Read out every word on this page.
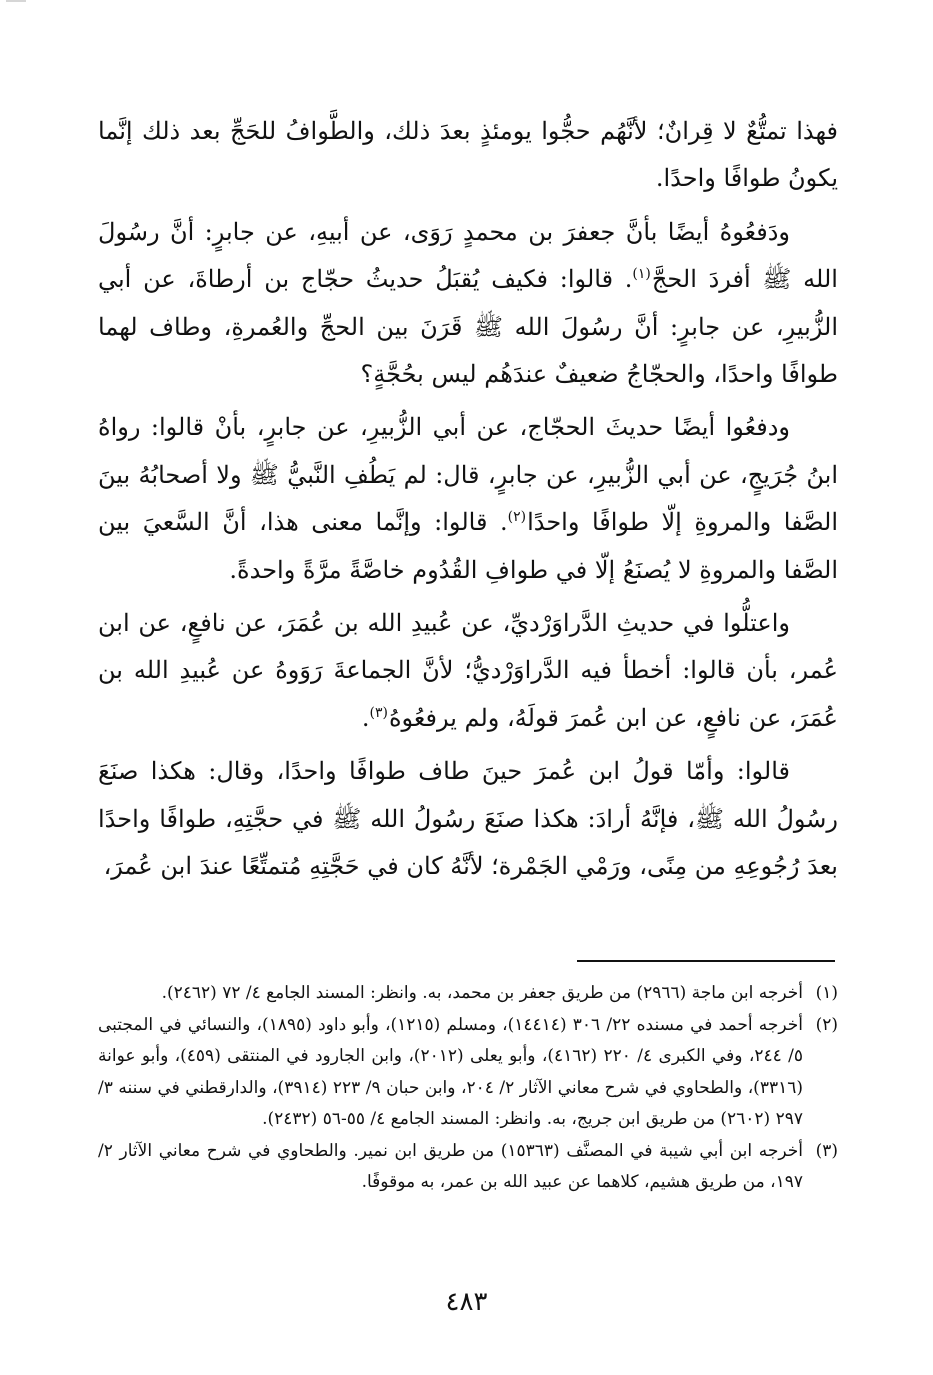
فهذا تمتُّعٌ لا قِرانٌ؛ لأنَّهُم حجُّوا يومئذٍ بعدَ ذلك، والطَّوافُ للحَجِّ بعد ذلك إنَّما يكونُ طوافًا واحدًا.

ودَفعُوهُ أيضًا بأنَّ جعفرَ بن محمدٍ رَوَى، عن أبيهِ، عن جابرٍ: أنَّ رسُولَ الله ﷺ أفردَ الحجَّ$^{(١)}$. قالوا: فكيف يُقبَلُ حديثُ حجّاج بن أرطاةَ، عن أبي الزُّبيرِ، عن جابرٍ: أنَّ رسُولَ الله ﷺ قَرَنَ بين الحجِّ والعُمرةِ، وطاف لهما طوافًا واحدًا، والحجّاجُ ضعيفٌ عندَهُم ليس بحُجَّةٍ؟

ودفعُوا أيضًا حديثَ الحجّاج، عن أبي الزُّبيرِ، عن جابرٍ، بأنْ قالوا: رواهُ ابنُ جُرَيجٍ، عن أبي الزُّبيرِ، عن جابرٍ، قال: لم يَطُفِ النَّبيُّ ﷺ ولا أصحابُهُ بينَ الصَّفا والمروةِ إلّا طوافًا واحدًا$^{(٢)}$. قالوا: وإنَّما معنى هذا، أنَّ السَّعيَ بين الصَّفا والمروةِ لا يُصنَعُ إلّا في طوافِ القُدُوم خاصَّةً مرَّةً واحدةً.

واعتلُّوا في حديثِ الدَّراوَرْديِّ، عن عُبيدِ الله بن عُمَرَ، عن نافعٍ، عن ابن عُمر، بأن قالوا: أخطأ فيه الدَّراوَرْديُّ؛ لأنَّ الجماعةَ رَوَوهُ عن عُبيدِ الله بن عُمَرَ، عن نافعٍ، عن ابن عُمرَ قولَهُ، ولم يرفعُوهُ$^{(٣)}$.

قالوا: وأمّا قولُ ابن عُمرَ حينَ طاف طوافًا واحدًا، وقال: هكذا صنَعَ رسُولُ الله ﷺ، فإنَّهُ أرادَ: هكذا صنَعَ رسُولُ الله ﷺ في حجَّتِهِ، طوافًا واحدًا بعدَ رُجُوعِهِ من مِنًى، ورَمْي الجَمْرة؛ لأنَّهُ كان في حَجَّتِهِ مُتمتِّعًا عندَ ابن عُمرَ،

(١)أخرجه ابن ماجة (٢٩٦٦) من طريق جعفر بن محمد، به. وانظر: المسند الجامع ٤/ ٧٢ (٢٤٦٢).

(٢)أخرجه أحمد في مسنده ٢٢/ ٣٠٦ (١٤٤١٤)، ومسلم (١٢١٥)، وأبو داود (١٨٩٥)، والنسائي في المجتبى ٥/ ٢٤٤، وفي الكبرى ٤/ ٢٢٠ (٤١٦٢)، وأبو يعلى (٢٠١٢)، وابن الجارود في المنتقى (٤٥٩)، وأبو عوانة (٣٣١٦)، والطحاوي في شرح معاني الآثار ٢/ ٢٠٤، وابن حبان ٩/ ٢٢٣ (٣٩١٤)، والدارقطني في سننه ٣/ ٢٩٧ (٢٦٠٢) من طريق ابن جريج، به. وانظر: المسند الجامع ٤/ ٥٥-٥٦ (٢٤٣٢).

(٣)أخرجه ابن أبي شيبة في المصنَّف (١٥٣٦٣) من طريق ابن نمير. والطحاوي في شرح معاني الآثار ٢/ ١٩٧، من طريق هشيم، كلاهما عن عبيد الله بن عمر، به موقوفًا.

٤٨٣
